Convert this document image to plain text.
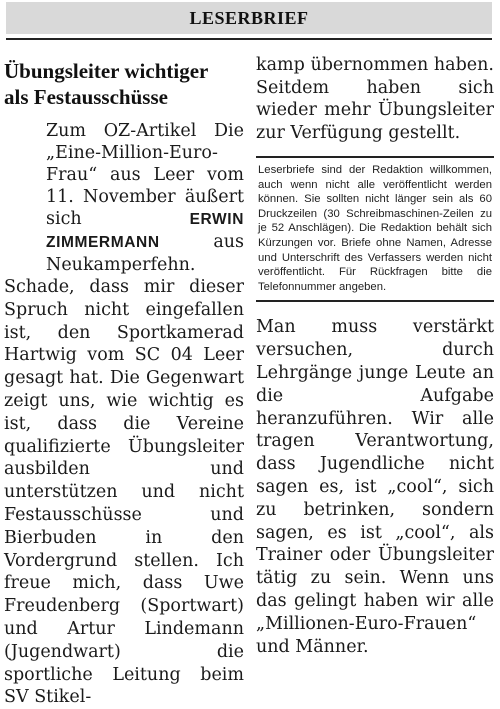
LESERBRIEF
Übungsleiter wichtiger
als Festausschüsse
Zum OZ-Artikel Die „Eine-Million-Euro-Frau“ aus Leer vom 11. November äußert sich ERWIN ZIMMERMANN aus Neukamperfehn.

Schade, dass mir dieser Spruch nicht eingefallen ist, den Sportkamerad Hartwig vom SC 04 Leer gesagt hat. Die Gegenwart zeigt uns, wie wichtig es ist, dass die Vereine qualifizierte Übungsleiter ausbilden und unterstützen und nicht Festausschüsse und Bierbuden in den Vordergrund stellen. Ich freue mich, dass Uwe Freudenberg (Sportwart) und Artur Lindemann (Jugendwart) die sportliche Leitung beim SV Stikel-

kamp übernommen haben. Seitdem haben sich wieder mehr Übungsleiter zur Verfügung gestellt.

Leserbriefe sind der Redaktion willkommen, auch wenn nicht alle veröffentlicht werden können. Sie sollten nicht länger sein als 60 Druckzeilen (30 Schreibmaschinen-Zeilen zu je 52 Anschlägen). Die Redaktion behält sich Kürzungen vor. Briefe ohne Namen, Adresse und Unterschrift des Verfassers werden nicht veröffentlicht. Für Rückfragen bitte die Telefonnummer angeben.

Man muss verstärkt versuchen, durch Lehrgänge junge Leute an die Aufgabe heranzuführen. Wir alle tragen Verantwortung, dass Jugendliche nicht sagen es, ist „cool“, sich zu betrinken, sondern sagen, es ist „cool“, als Trainer oder Übungsleiter tätig zu sein. Wenn uns das gelingt haben wir alle „Millionen-Euro-Frauen“ und Männer.
